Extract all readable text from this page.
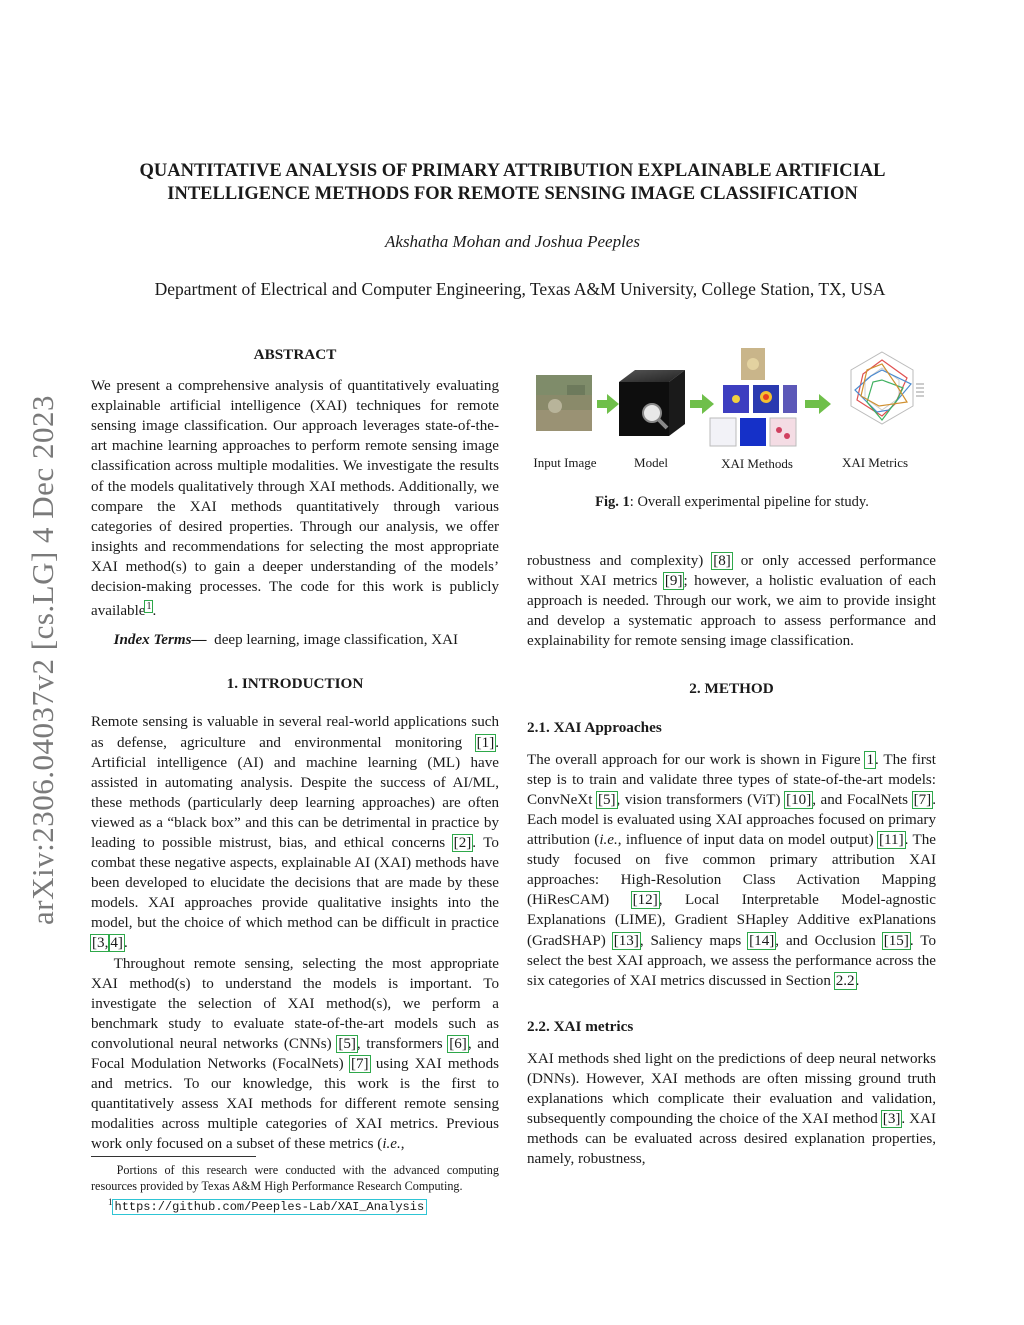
arXiv:2306.04037v2 [cs.LG] 4 Dec 2023
QUANTITATIVE ANALYSIS OF PRIMARY ATTRIBUTION EXPLAINABLE ARTIFICIAL
INTELLIGENCE METHODS FOR REMOTE SENSING IMAGE CLASSIFICATION
Akshatha Mohan and Joshua Peeples
Department of Electrical and Computer Engineering, Texas A&M University, College Station, TX, USA
ABSTRACT

We present a comprehensive analysis of quantitatively evaluating explainable artificial intelligence (XAI) techniques for remote sensing image classification. Our approach leverages state-of-the-art machine learning approaches to perform remote sensing image classification across multiple modalities. We investigate the results of the models qualitatively through XAI methods. Additionally, we compare the XAI methods quantitatively through various categories of desired properties. Through our analysis, we offer insights and recommendations for selecting the most appropriate XAI method(s) to gain a deeper understanding of the models’ decision-making processes. The code for this work is publicly available$^1$.

Index Terms— deep learning, image classification, XAI

1. INTRODUCTION

Remote sensing is valuable in several real-world applications such as defense, agriculture and environmental monitoring [1]. Artificial intelligence (AI) and machine learning (ML) have assisted in automating analysis. Despite the success of AI/ML, these methods (particularly deep learning approaches) are often viewed as a “black box” and this can be detrimental in practice by leading to possible mistrust, bias, and ethical concerns [2]. To combat these negative aspects, explainable AI (XAI) methods have been developed to elucidate the decisions that are made by these models. XAI approaches provide qualitative insights into the model, but the choice of which method can be difficult in practice [3, 4].

Throughout remote sensing, selecting the most appropriate XAI method(s) to understand the models is important. To investigate the selection of XAI method(s), we perform a benchmark study to evaluate state-of-the-art models such as convolutional neural networks (CNNs) [5], transformers [6], and Focal Modulation Networks (FocalNets) [7] using XAI methods and metrics. To our knowledge, this work is the first to quantitatively assess XAI methods for different remote sensing modalities across multiple categories of XAI metrics. Previous work only focused on a subset of these metrics (i.e.,

Portions of this research were conducted with the advanced computing resources provided by Texas A&M High Performance Research Computing.
$^1$ https://github.com/Peeples-Lab/XAI_Analysis
Input Image	Model	XAI Methods	XAI Metrics
Fig. 1: Overall experimental pipeline for study.

robustness and complexity) [8] or only accessed performance without XAI metrics [9]; however, a holistic evaluation of each approach is needed. Through our work, we aim to provide insight and develop a systematic approach to assess performance and explainability for remote sensing image classification.

2. METHOD
2.1. XAI Approaches

The overall approach for our work is shown in Figure 1. The first step is to train and validate three types of state-of-the-art models: ConvNeXt [5], vision transformers (ViT) [10], and FocalNets [7]. Each model is evaluated using XAI approaches focused on primary attribution (i.e., influence of input data on model output) [11]. The study focused on five common primary attribution XAI approaches: High-Resolution Class Activation Mapping (HiResCAM) [12], Local Interpretable Model-agnostic Explanations (LIME), Gradient SHapley Additive exPlanations (GradSHAP) [13], Saliency maps [14], and Occlusion [15]. To select the best XAI approach, we assess the performance across the six categories of XAI metrics discussed in Section 2.2.

2.2. XAI metrics

XAI methods shed light on the predictions of deep neural networks (DNNs). However, XAI methods are often missing ground truth explanations which complicate their evaluation and validation, subsequently compounding the choice of the XAI method [3]. XAI methods can be evaluated across desired explanation properties, namely, robustness,
